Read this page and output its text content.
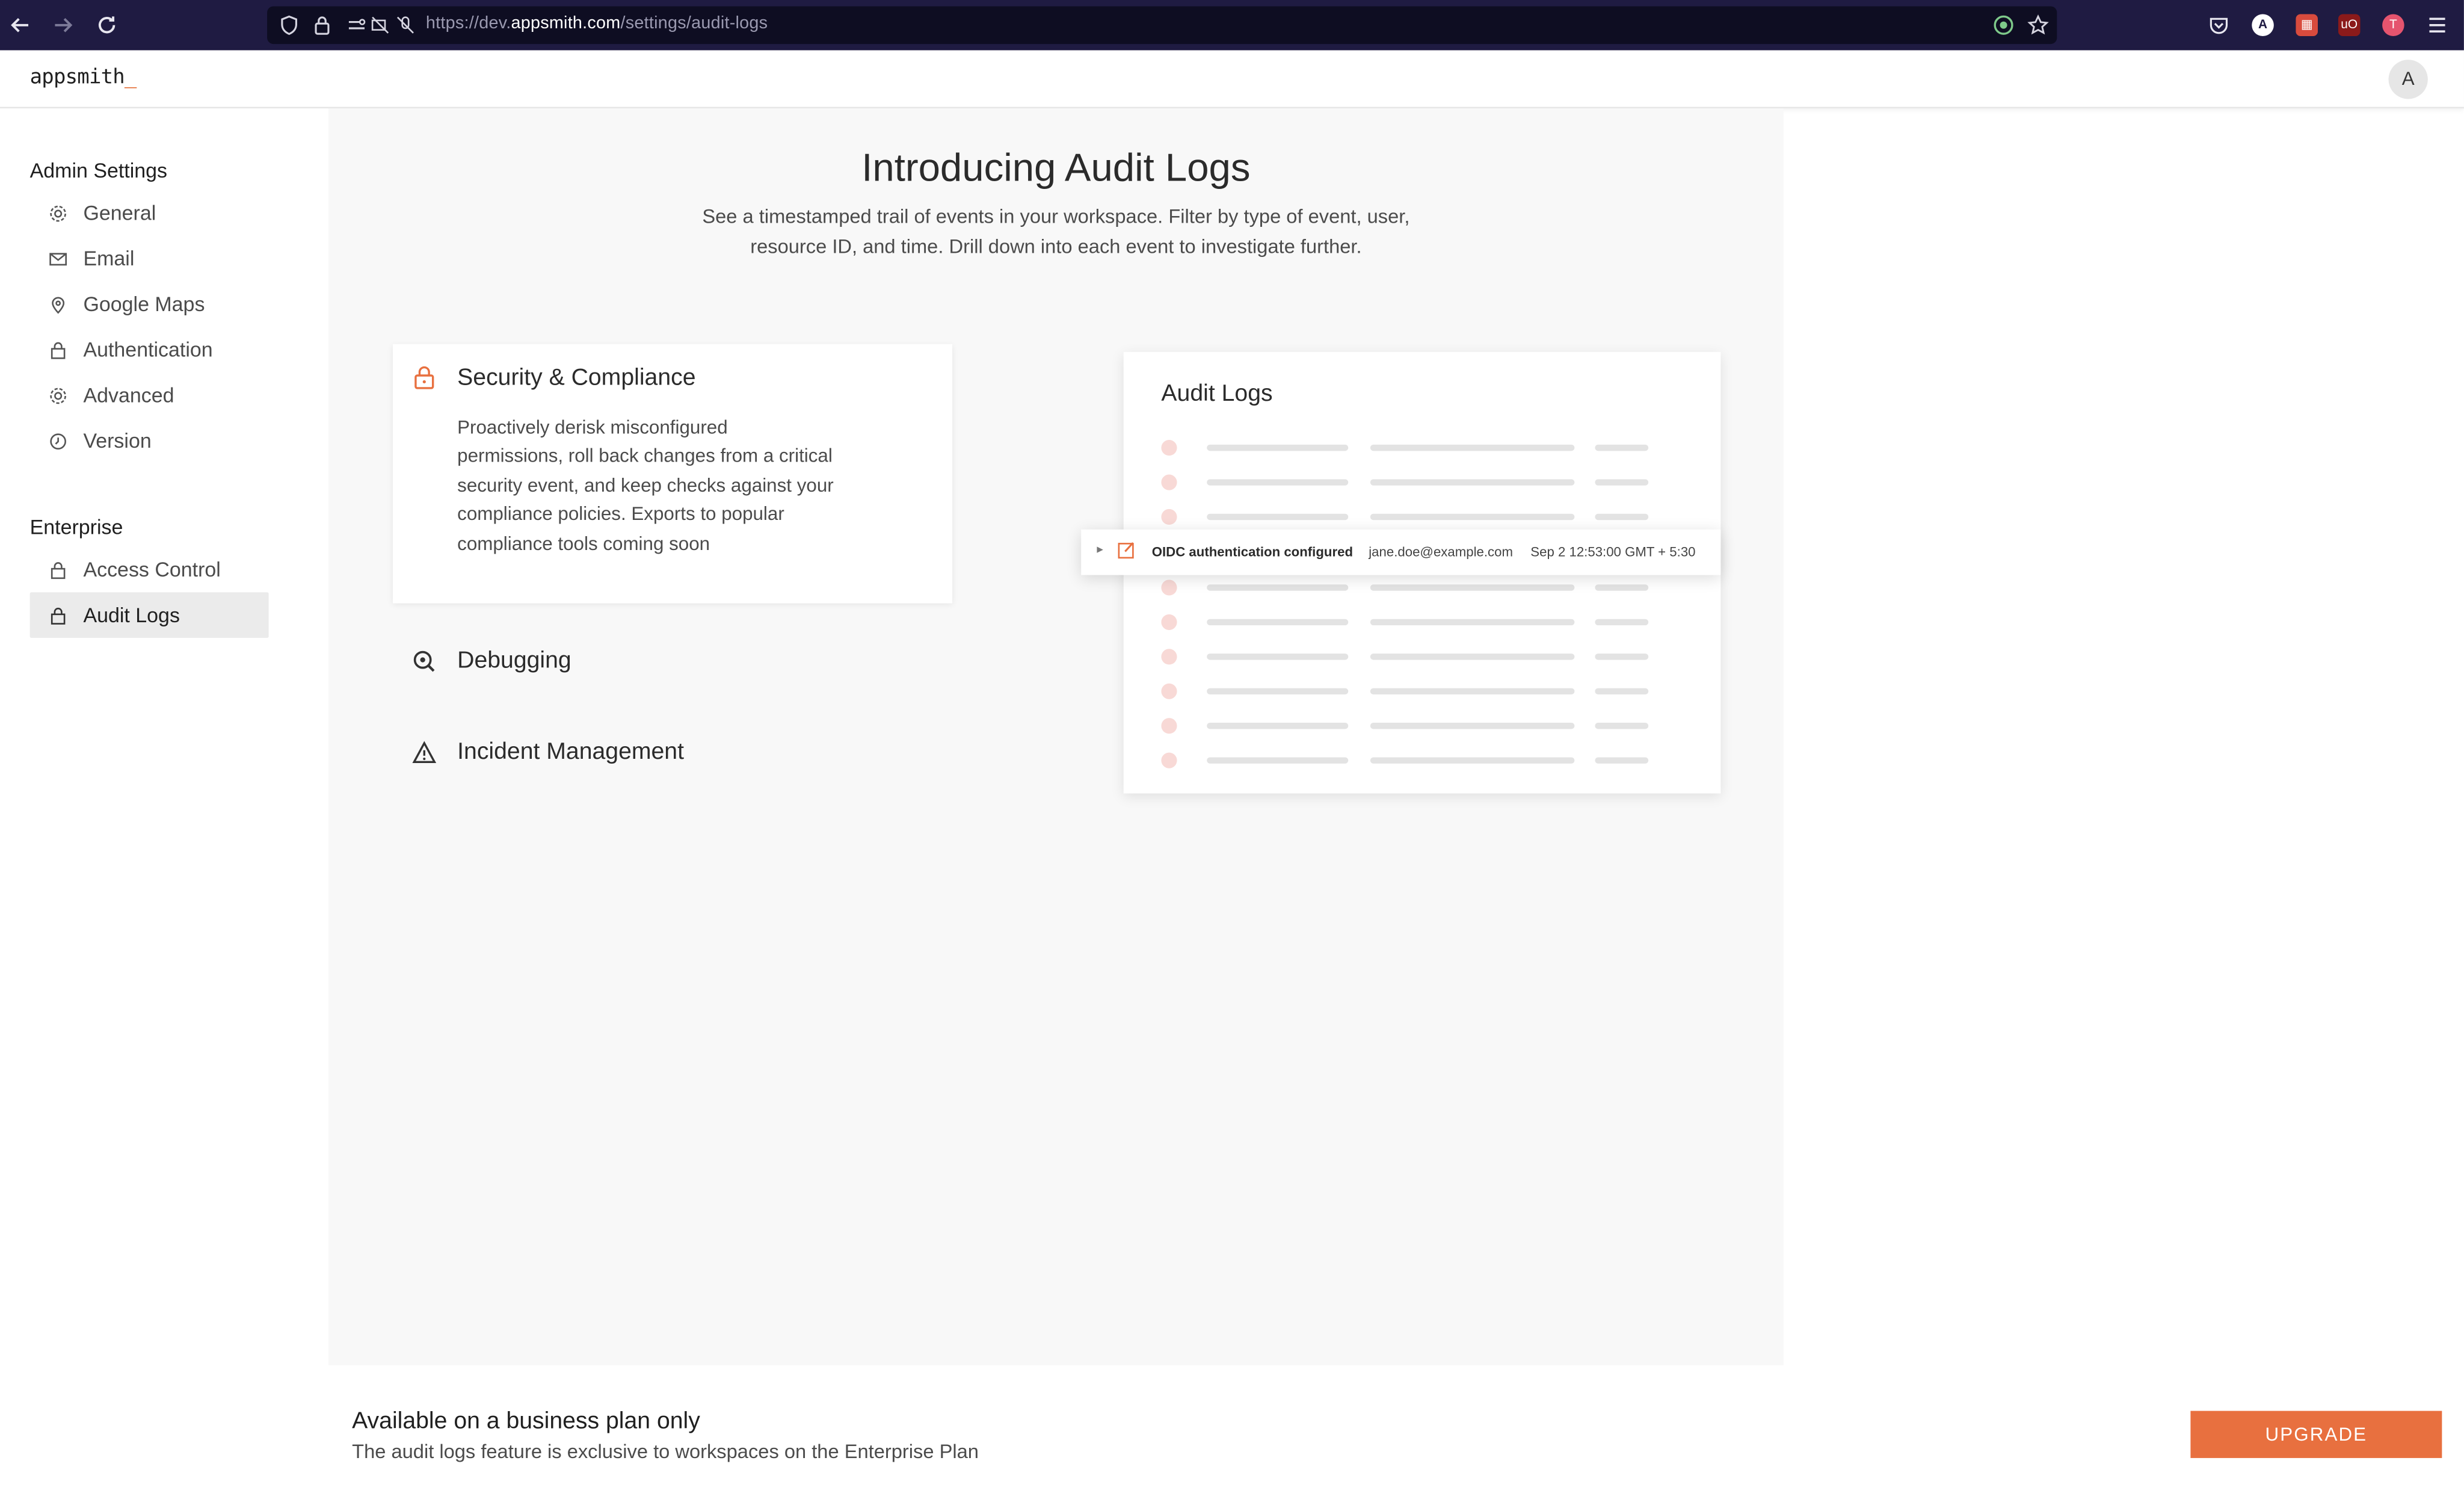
https://dev.appsmith.com/settings/audit-logs	A	▦	uO	T
appsmith_	A
Admin Settings
General
Email
Google Maps
Authentication
Advanced
Version
Enterprise
Access Control
Audit Logs
Introducing Audit Logs
See a timestamped trail of events in your workspace. Filter by type of event, user,
resource ID, and time. Drill down into each event to investigate further.
Security & Compliance
Proactively derisk misconfigured permissions, roll back changes from a critical security event, and keep checks against your compliance policies. Exports to popular compliance tools coming soon
Debugging
Incident Management
Audit Logs
▸	OIDC authentication configured	jane.doe@example.com	Sep 2 12:53:00 GMT + 5:30
Available on a business plan only
The audit logs feature is exclusive to workspaces on the Enterprise Plan
UPGRADE
